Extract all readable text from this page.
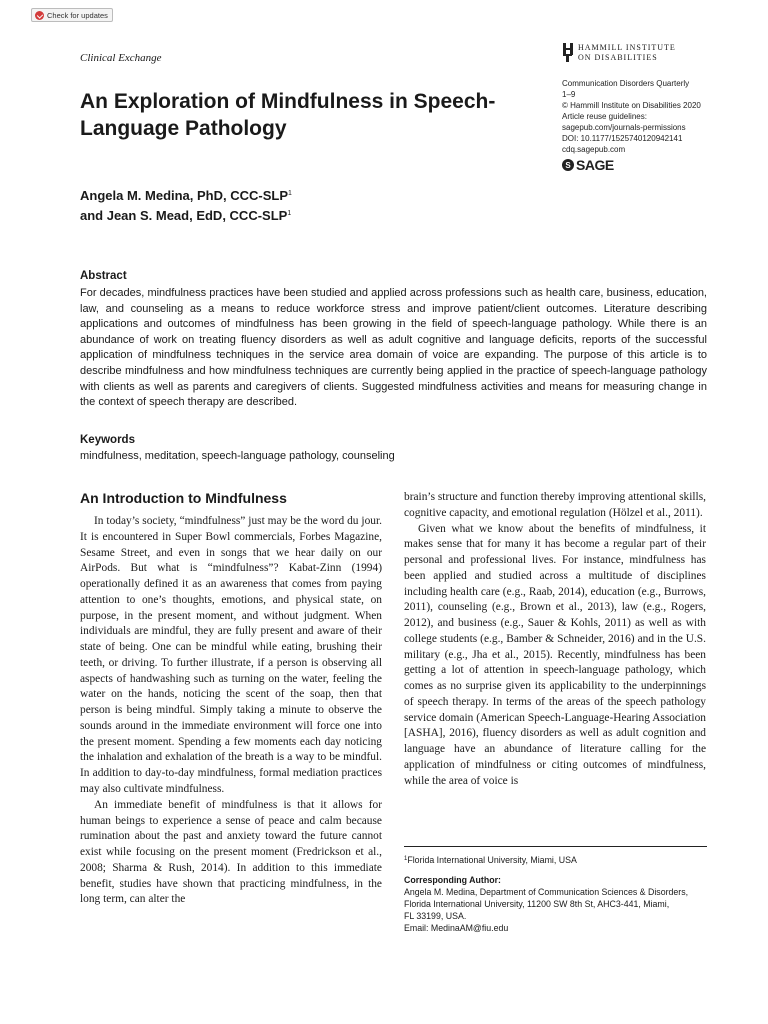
Check for updates
Clinical Exchange
HAMMILL INSTITUTE
ON DISABILITIES
Communication Disorders Quarterly
1–9
© Hammill Institute on Disabilities 2020
Article reuse guidelines:
sagepub.com/journals-permissions
DOI: 10.1177/1525740120942141
cdq.sagepub.com
S SAGE
An Exploration of Mindfulness in Speech-Language Pathology
Angela M. Medina, PhD, CCC-SLP$^1$
and Jean S. Mead, EdD, CCC-SLP$^1$
Abstract
For decades, mindfulness practices have been studied and applied across professions such as health care, business, education, law, and counseling as a means to reduce workforce stress and improve patient/client outcomes. Literature describing applications and outcomes of mindfulness has been growing in the field of speech-language pathology. While there is an abundance of work on treating fluency disorders as well as adult cognitive and language deficits, reports of the successful application of mindfulness techniques in the service area domain of voice are expanding. The purpose of this article is to describe mindfulness and how mindfulness techniques are currently being applied in the practice of speech-language pathology with clients as well as parents and caregivers of clients. Suggested mindfulness activities and means for measuring change in the context of speech therapy are described.
Keywords
mindfulness, meditation, speech-language pathology, counseling
An Introduction to Mindfulness

In today’s society, “mindfulness” just may be the word du jour. It is encountered in Super Bowl commercials, Forbes Magazine, Sesame Street, and even in songs that we hear daily on our AirPods. But what is “mindfulness”? Kabat-Zinn (1994) operationally defined it as an awareness that comes from paying attention to one’s thoughts, emotions, and physical state, on purpose, in the present moment, and without judgment. When individuals are mindful, they are fully present and aware of their state of being. One can be mindful while eating, brushing their teeth, or driving. To further illustrate, if a person is observing all aspects of handwashing such as turning on the water, feeling the water on the hands, noticing the scent of the soap, then that person is being mindful. Simply taking a minute to observe the sounds around in the immediate environment will force one into the present moment. Spending a few moments each day noticing the inhalation and exhalation of the breath is a way to be mindful. In addition to day-to-day mindfulness, formal mediation practices may also cultivate mindfulness.

An immediate benefit of mindfulness is that it allows for human beings to experience a sense of peace and calm because rumination about the past and anxiety toward the future cannot exist while focusing on the present moment (Fredrickson et al., 2008; Sharma & Rush, 2014). In addition to this immediate benefit, studies have shown that practicing mindfulness, in the long term, can alter the

brain’s structure and function thereby improving attentional skills, cognitive capacity, and emotional regulation (Hölzel et al., 2011).

Given what we know about the benefits of mindfulness, it makes sense that for many it has become a regular part of their personal and professional lives. For instance, mindfulness has been applied and studied across a multitude of disciplines including health care (e.g., Raab, 2014), education (e.g., Burrows, 2011), counseling (e.g., Brown et al., 2013), law (e.g., Rogers, 2012), and business (e.g., Sauer & Kohls, 2011) as well as with college students (e.g., Bamber & Schneider, 2016) and in the U.S. military (e.g., Jha et al., 2015). Recently, mindfulness has been getting a lot of attention in speech-language pathology, which comes as no surprise given its applicability to the underpinnings of speech therapy. In terms of the areas of the speech pathology service domain (American Speech-Language-Hearing Association [ASHA], 2016), fluency disorders as well as adult cognition and language have an abundance of literature calling for the application of mindfulness or citing outcomes of mindfulness, while the area of voice is

$^1$Florida International University, Miami, USA
Corresponding Author:
Angela M. Medina, Department of Communication Sciences & Disorders,
Florida International University, 11200 SW 8th St, AHC3-441, Miami,
FL 33199, USA.
Email: MedinaAM@fiu.edu
